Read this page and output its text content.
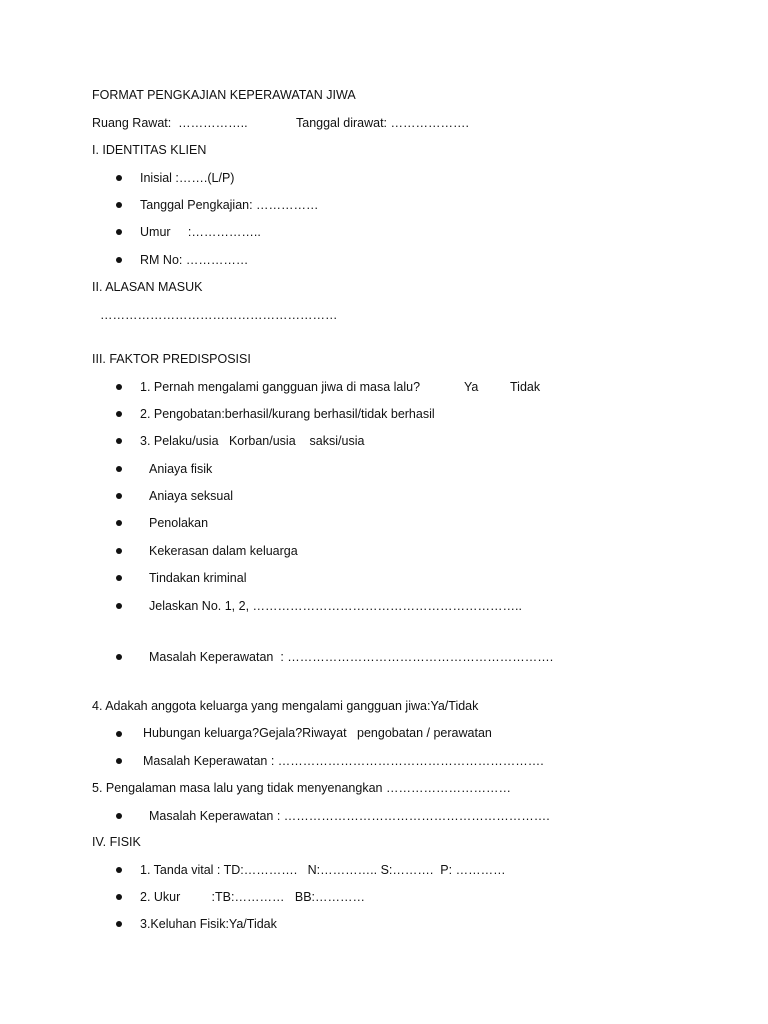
FORMAT PENGKAJIAN KEPERAWATAN JIWA
Ruang Rawat:  ……………..	Tanggal dirawat: ……………….
I. IDENTITAS KLIEN
Inisial :…….(L/P)
Tanggal Pengkajian: ……………
Umur     :……………..
RM No: ……………
II. ALASAN MASUK
…………………………………………………
III. FAKTOR PREDISPOSISI
1. Pernah mengalami gangguan jiwa di masa lalu?	Ya	Tidak
2. Pengobatan:berhasil/kurang berhasil/tidak berhasil
3. Pelaku/usia   Korban/usia    saksi/usia
Aniaya fisik
Aniaya seksual
Penolakan
Kekerasan dalam keluarga
Tindakan kriminal
Jelaskan No. 1, 2, ………………………………………………………..
Masalah Keperawatan  : ……………………………………………………….
4. Adakah anggota keluarga yang mengalami gangguan jiwa:Ya/Tidak
Hubungan keluarga?Gejala?Riwayat   pengobatan / perawatan
Masalah Keperawatan : ……………………………………………………….
5. Pengalaman masa lalu yang tidak menyenangkan …………………………
Masalah Keperawatan : ……………………………………………………….
IV. FISIK
1. Tanda vital : TD:………….   N:………….. S:……….  P: …………
2. Ukur         :TB:…………   BB:…………
3.Keluhan Fisik:Ya/Tidak
